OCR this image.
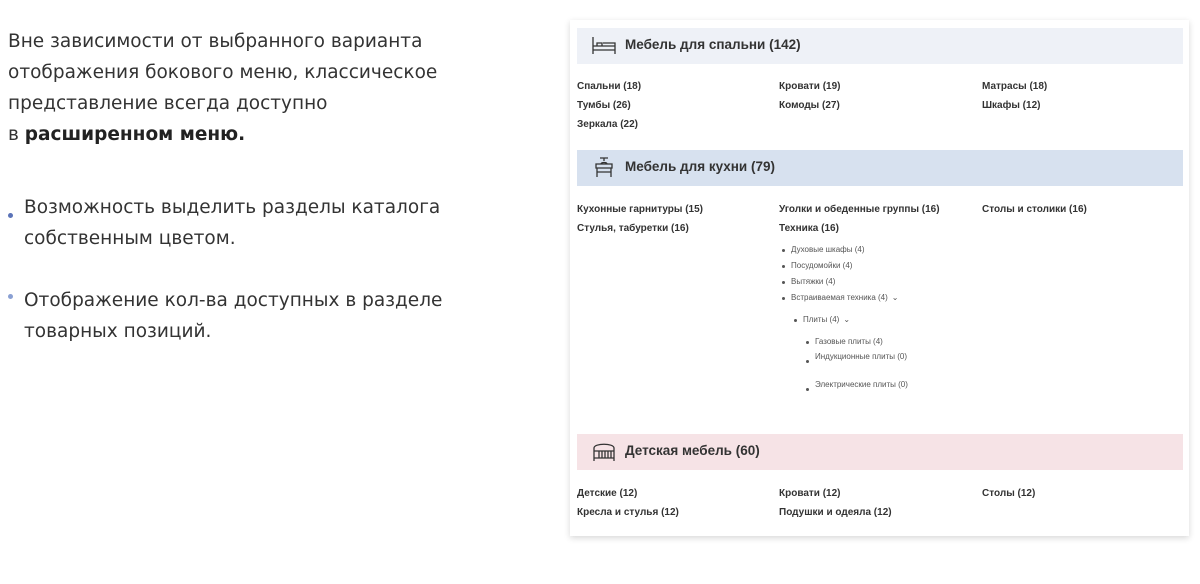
Вне зависимости от выбранного варианта
отображения бокового меню, классическое
представление всегда доступно
в расширенном меню.
Возможность выделить разделы каталога
собственным цветом.
Отображение кол-ва доступных в разделе
товарных позиций.
Мебель для спальни (142)
Спальни (18)	Кровати (19)	Матрасы (18)
Тумбы (26)	Комоды (27)	Шкафы (12)
Зеркала (22)
Мебель для кухни (79)
Кухонные гарнитуры (15)	Уголки и обеденные группы (16)	Столы и столики (16)
Стулья, табуретки (16)	Техника (16)
Духовые шкафы (4)
Посудомойки (4)
Вытяжки (4)
Встраиваемая техника (4) ⌄
Плиты (4) ⌄
Газовые плиты (4)
Индукционные плиты (0)
Электрические плиты (0)
Детская мебель (60)
Детские (12)	Кровати (12)	Столы (12)
Кресла и стулья (12)	Подушки и одеяла (12)
